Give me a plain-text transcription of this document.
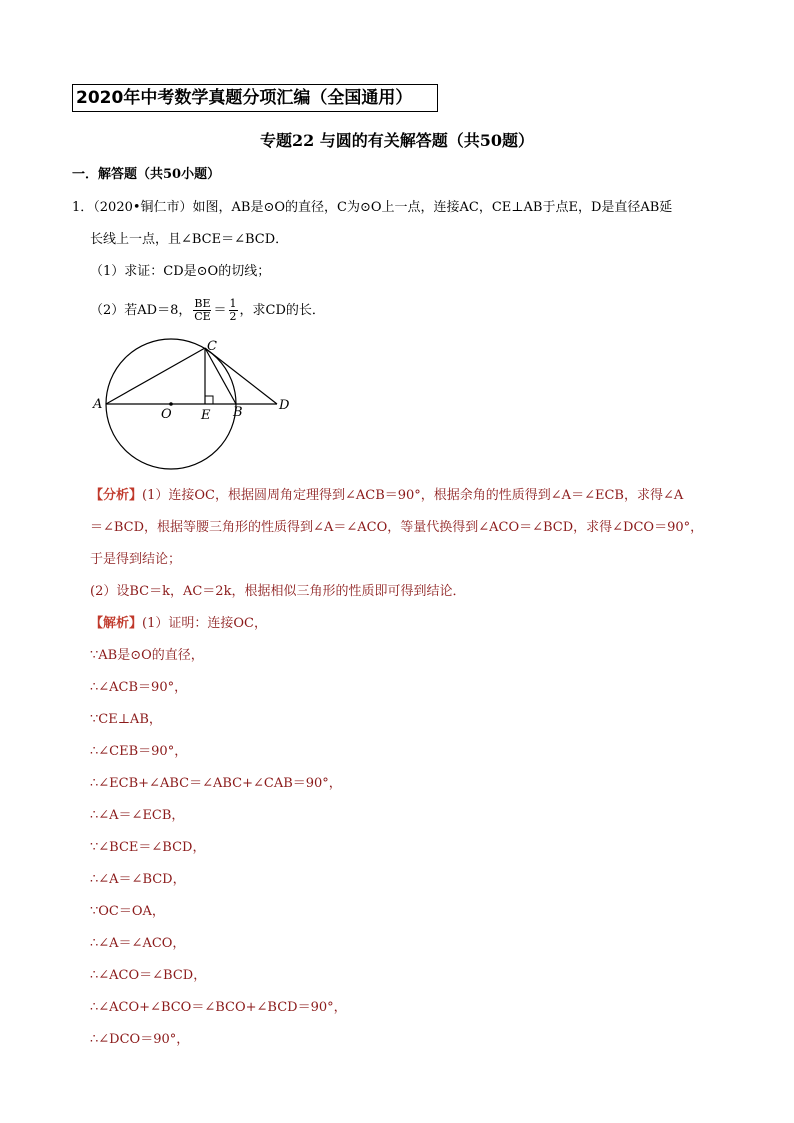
2020年中考数学真题分项汇编（全国通用）
专题22 与圆的有关解答题（共50题）
一．解答题（共50小题）
1．（2020•铜仁市）如图，AB是⊙O的直径，C为⊙O上一点，连接AC，CE⊥AB于点E，D是直径AB延
长线上一点，且∠BCE＝∠BCD．
（1）求证：CD是⊙O的切线；
（2）若AD＝8， $\frac{BE}{CE} = \frac{1}{2}$ ，求CD的长．
A
C
B	D
E
O
【分析】(1）连接OC，根据圆周角定理得到∠ACB＝90°，根据余角的性质得到∠A＝∠ECB，求得∠A
＝∠BCD，根据等腰三角形的性质得到∠A＝∠ACO，等量代换得到∠ACO＝∠BCD，求得∠DCO＝90°，
于是得到结论；
(2）设BC＝k，AC＝2k，根据相似三角形的性质即可得到结论．
【解析】(1）证明：连接OC，
∵AB是⊙O的直径，
∴∠ACB＝90°，
∵CE⊥AB，
∴∠CEB＝90°，
∴∠ECB+∠ABC＝∠ABC+∠CAB＝90°，
∴∠A＝∠ECB，
∵∠BCE＝∠BCD，
∴∠A＝∠BCD，
∵OC＝OA，
∴∠A＝∠ACO，
∴∠ACO＝∠BCD，
∴∠ACO+∠BCO＝∠BCO+∠BCD＝90°，
∴∠DCO＝90°，
